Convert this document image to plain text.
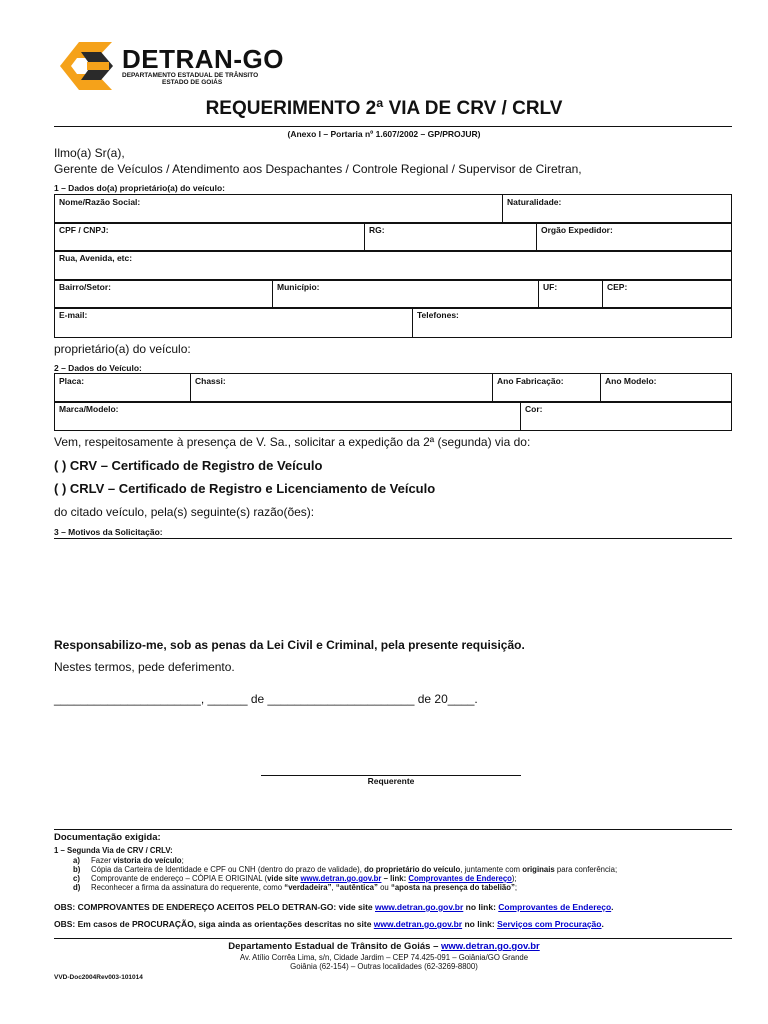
DETRAN-GO
DEPARTAMENTO ESTADUAL DE TRÂNSITO
ESTADO DE GOIÁS
REQUERIMENTO 2ª VIA DE CRV / CRLV
(Anexo I – Portaria nº 1.607/2002 – GP/PROJUR)
Ilmo(a) Sr(a),
Gerente de Veículos / Atendimento aos Despachantes / Controle Regional / Supervisor de Ciretran,
1 – Dados do(a) proprietário(a) do veículo:
Nome/Razão Social:	Naturalidade:
CPF / CNPJ:	RG:	Orgão Expedidor:
Rua, Avenida, etc:
Bairro/Setor:	Município:	UF:	CEP:
E-mail:	Telefones:
proprietário(a) do veículo:
2 – Dados do Veículo:
Placa:	Chassi:	Ano Fabricação:	Ano Modelo:
Marca/Modelo:	Cor:
Vem, respeitosamente à presença de V. Sa., solicitar a expedição da 2ª (segunda) via do:
( ) CRV – Certificado de Registro de Veículo
( ) CRLV – Certificado de Registro e Licenciamento de Veículo
do citado veículo, pela(s) seguinte(s) razão(ões):
3 – Motivos da Solicitação:
Responsabilizo-me, sob as penas da Lei Civil e Criminal, pela presente requisição.
Nestes termos, pede deferimento.
______________________, ______ de ______________________ de 20____.
Requerente
Documentação exigida:
1 – Segunda Via de CRV / CRLV:
a) Fazer vistoria do veículo;
b) Cópia da Carteira de Identidade e CPF ou CNH (dentro do prazo de validade), do proprietário do veículo, juntamente com originais para conferência;
c) Comprovante de endereço – CÓPIA E ORIGINAL (vide site www.detran.go.gov.br – link: Comprovantes de Endereço);
d) Reconhecer a firma da assinatura do requerente, como “verdadeira”, “autêntica” ou “aposta na presença do tabelião”;
OBS: COMPROVANTES DE ENDEREÇO ACEITOS PELO DETRAN-GO: vide site www.detran.go.gov.br no link: Comprovantes de Endereço.
OBS: Em casos de PROCURAÇÃO, siga ainda as orientações descritas no site www.detran.go.gov.br no link: Serviços com Procuração.
Departamento Estadual de Trânsito de Goiás – www.detran.go.gov.br
Av. Atílio Corrêa Lima, s/n, Cidade Jardim – CEP 74.425-091 – Goiânia/GO Grande
Goiânia (62-154) – Outras localidades (62-3269-8800)
VVD-Doc2004Rev003-101014
